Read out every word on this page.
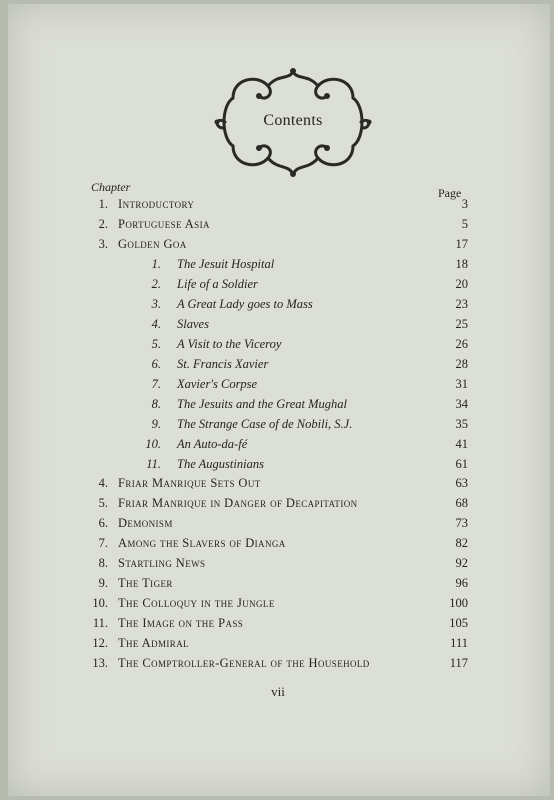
Contents
Chapter	Page
1. Introductory	3
2. Portuguese Asia	5
3. Golden Goa	17
1. The Jesuit Hospital	18
2. Life of a Soldier	20
3. A Great Lady goes to Mass	23
4. Slaves	25
5. A Visit to the Viceroy	26
6. St. Francis Xavier	28
7. Xavier's Corpse	31
8. The Jesuits and the Great Mughal	34
9. The Strange Case of de Nobili, S.J.	35
10. An Auto-da-fé	41
11. The Augustinians	61
4. Friar Manrique Sets Out	63
5. Friar Manrique in Danger of Decapitation	68
6. Demonism	73
7. Among the Slavers of Dianga	82
8. Startling News	92
9. The Tiger	96
10. The Colloquy in the Jungle	100
11. The Image on the Pass	105
12. The Admiral	111
13. The Comptroller-General of the Household	117
vii
